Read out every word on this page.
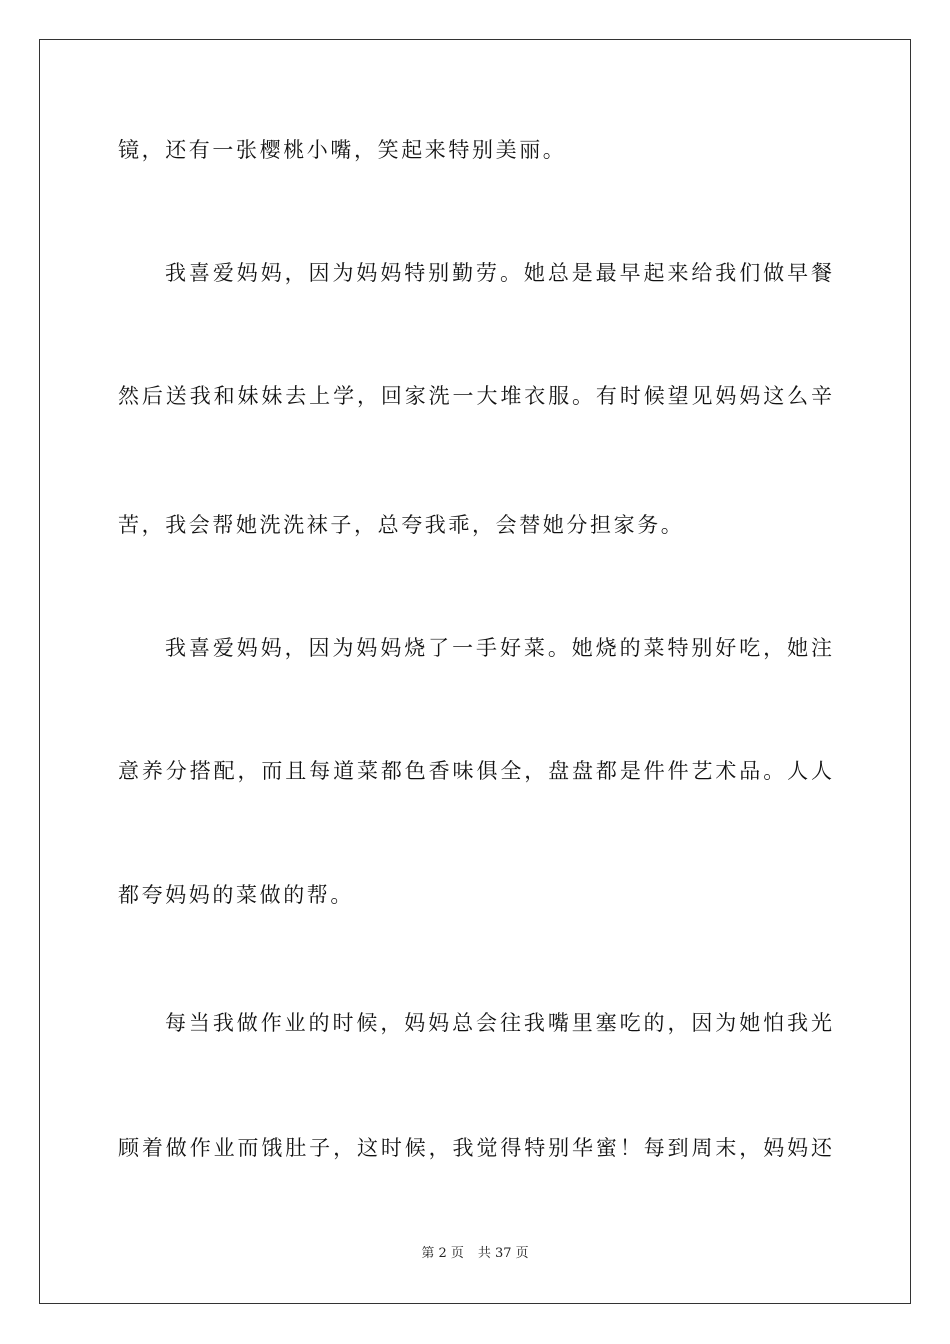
镜，还有一张樱桃小嘴，笑起来特别美丽。
我喜爱妈妈，因为妈妈特别勤劳。她总是最早起来给我们做早餐
然后送我和妹妹去上学，回家洗一大堆衣服。有时候望见妈妈这么辛
苦，我会帮她洗洗袜子，总夸我乖，会替她分担家务。
我喜爱妈妈，因为妈妈烧了一手好菜。她烧的菜特别好吃，她注
意养分搭配，而且每道菜都色香味俱全，盘盘都是件件艺术品。人人
都夸妈妈的菜做的帮。
每当我做作业的时候，妈妈总会往我嘴里塞吃的，因为她怕我光
顾着做作业而饿肚子，这时候，我觉得特别华蜜！每到周末，妈妈还
第 2 页 共 37 页
